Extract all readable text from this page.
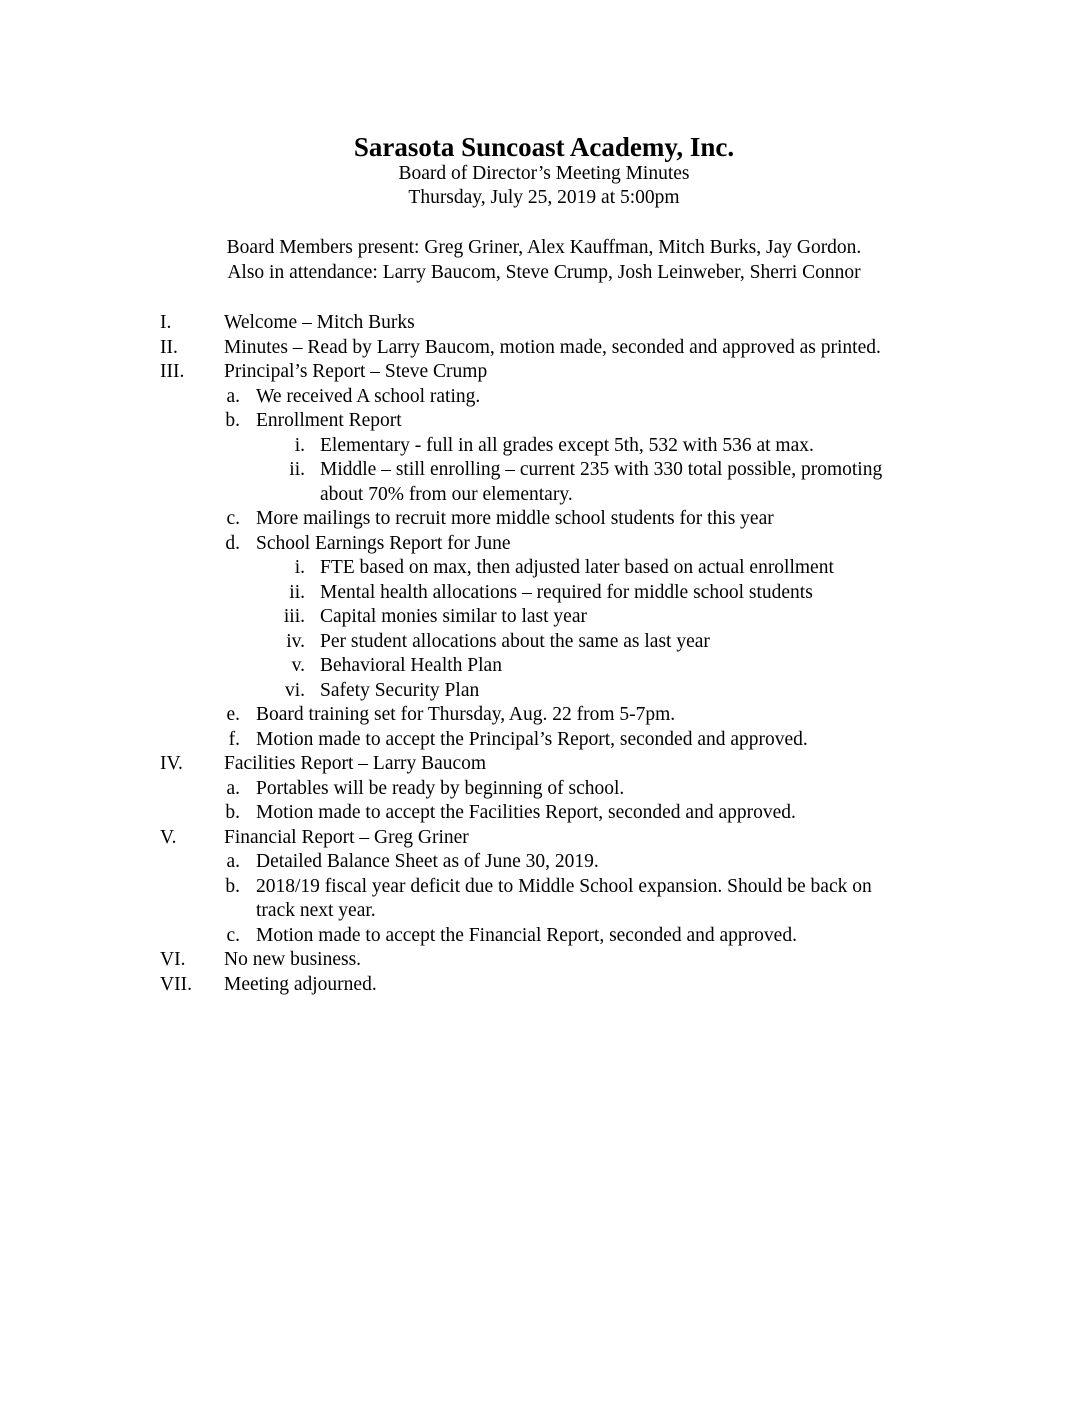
Sarasota Suncoast Academy, Inc.
Board of Director’s Meeting Minutes
Thursday, July 25, 2019 at 5:00pm
Board Members present: Greg Griner, Alex Kauffman, Mitch Burks, Jay Gordon.
Also in attendance: Larry Baucom, Steve Crump, Josh Leinweber, Sherri Connor
I.	Welcome – Mitch Burks
II. Minutes – Read by Larry Baucom, motion made, seconded and approved as printed.
III. Principal’s Report – Steve Crump
a. We received A school rating.
b. Enrollment Report
i. Elementary - full in all grades except 5th, 532 with 536 at max.
ii. Middle – still enrolling – current 235 with 330 total possible, promoting
about 70% from our elementary.
c. More mailings to recruit more middle school students for this year
d. School Earnings Report for June
i. FTE based on max, then adjusted later based on actual enrollment
ii. Mental health allocations – required for middle school students
iii. Capital monies similar to last year
iv. Per student allocations about the same as last year
v. Behavioral Health Plan
vi. Safety Security Plan
e. Board training set for Thursday, Aug. 22 from 5-7pm.
f. Motion made to accept the Principal’s Report, seconded and approved.
IV. Facilities Report – Larry Baucom
a. Portables will be ready by beginning of school.
b. Motion made to accept the Facilities Report, seconded and approved.
V. Financial Report – Greg Griner
a. Detailed Balance Sheet as of June 30, 2019.
b. 2018/19 fiscal year deficit due to Middle School expansion. Should be back on
track next year.
c. Motion made to accept the Financial Report, seconded and approved.
VI. No new business.
VII. Meeting adjourned.
